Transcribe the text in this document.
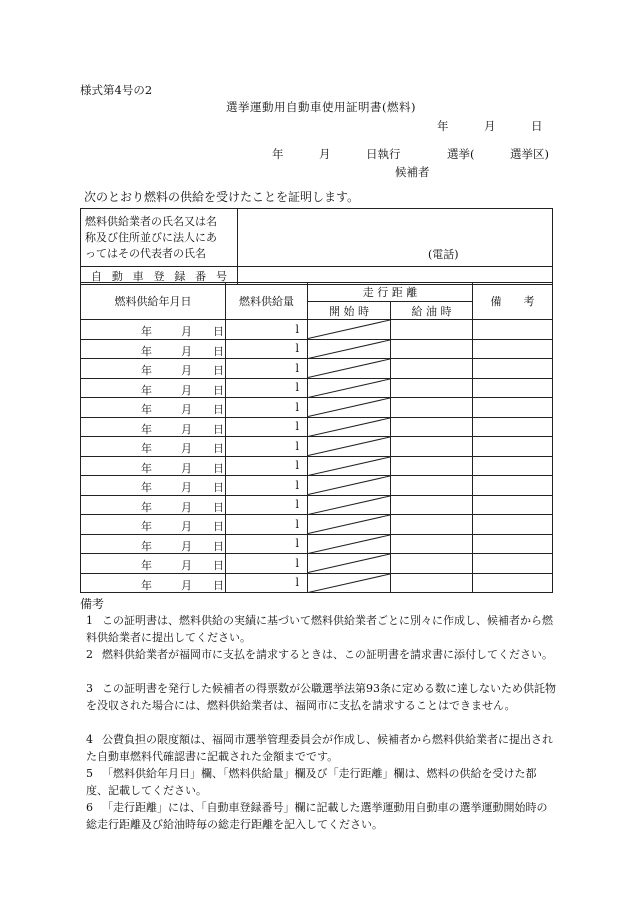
様式第4号の2
選挙運動用自動車使用証明書(燃料)
年	月	日
年	月	日執行	選挙(	選挙区)
候補者
次のとおり燃料の供給を受けたことを証明します。
燃料供給業者の氏名又は名
称及び住所並びに法人にあ
ってはその代表者の氏名	(電話)

自 動 車 登 録 番 号	
燃料供給年月日	燃料供給量	走 行 距 離		備　　考
		開 始 時	給 油 時	

年 月 日	l	

年 月 日	l	

年 月 日	l	

年 月 日	l	

年 月 日	l	

年 月 日	l	

年 月 日	l	

年 月 日	l	

年 月 日	l	

年 月 日	l	

年 月 日	l	

年 月 日	l	

年 月 日	l	

年 月 日	l	

備考
1 この証明書は、燃料供給の実績に基づいて燃料供給業者ごとに別々に作成し、候補者から燃料供給業者に提出してください。
2 燃料供給業者が福岡市に支払を請求するときは、この証明書を請求書に添付してください。
3 この証明書を発行した候補者の得票数が公職選挙法第93条に定める数に達しないため供託物を没収された場合には、燃料供給業者は、福岡市に支払を請求することはできません。
4 公費負担の限度額は、福岡市選挙管理委員会が作成し、候補者から燃料供給業者に提出された自動車燃料代確認書に記載された金額までです。
5 「燃料供給年月日」欄、「燃料供給量」欄及び「走行距離」欄は、燃料の供給を受けた都度、記載してください。
6 「走行距離」には、「自動車登録番号」欄に記載した選挙運動用自動車の選挙運動開始時の総走行距離及び給油時毎の総走行距離を記入してください。
